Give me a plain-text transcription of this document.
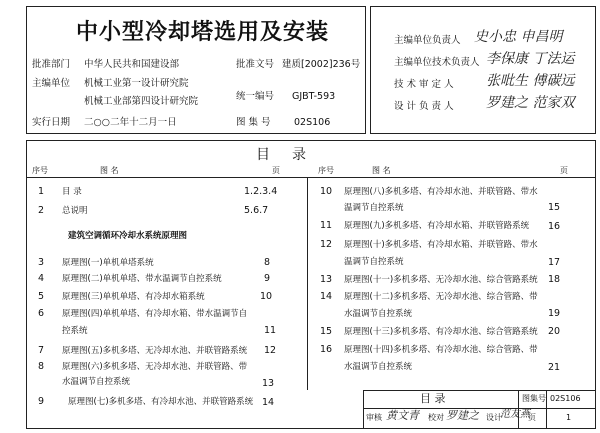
中小型冷却塔选用及安装
批准部门 中华人民共和国建设部	批准文号 建质[2002]236号
主编单位 机械工业第一设计研究院
机械工业部第四设计研究院	统一编号 GJBT-593
实行日期 二○○二年十二月一日	图 集 号 02S106
主编单位负责人 史小忠 申昌明
主编单位技术负责人 李保康 丁法运
技 术 审 定 人 张吡生 傅碳远
设 计 负 责 人 罗建之 范家双
目录
序号	图 名	页	序号	图 名	页
1 目 录	1.2.3.4
2 总说明	5.6.7
建筑空调循环冷却水系统原理图
3 原理图(一)单机单塔系统	8
4 原理图(二)单机单塔、带水温调节自控系统	9
5 原理图(三)单机单塔、有冷却水箱系统	10
6 原理图(四)单机单塔、有冷却水箱、带水温调节自
控系统	11
7 原理图(五)多机多塔、无冷却水池、并联管路系统 12
8 原理图(六)多机多塔、无冷却水池、并联管路、带
水温调节自控系统	13
9	原理图(七)多机多塔、有冷却水池、并联管路系统 14
10 原理图(八)多机多塔、有冷却水池、并联管路、带水
温调节自控系统	15
11 原理图(九)多机多塔、有冷却水箱、并联管路系统 16
12 原理图(十)多机多塔、有冷却水箱、并联管路、带水
温调节自控系统	17
13 原理图(十一)多机多塔、无冷却水池、综合管路系统 18
14 原理图(十二)多机多塔、无冷却水池、综合管路、带
水温调节自控系统	19
15 原理图(十三)多机多塔、有冷却水池、综合管路系统 20
16 原理图(十四)多机多塔、有冷却水池、综合管路、带
水温调节自控系统	21
目 录	图集号 02S106
审核 黄文青 校对 罗建之 设计
范友燕
页	1
